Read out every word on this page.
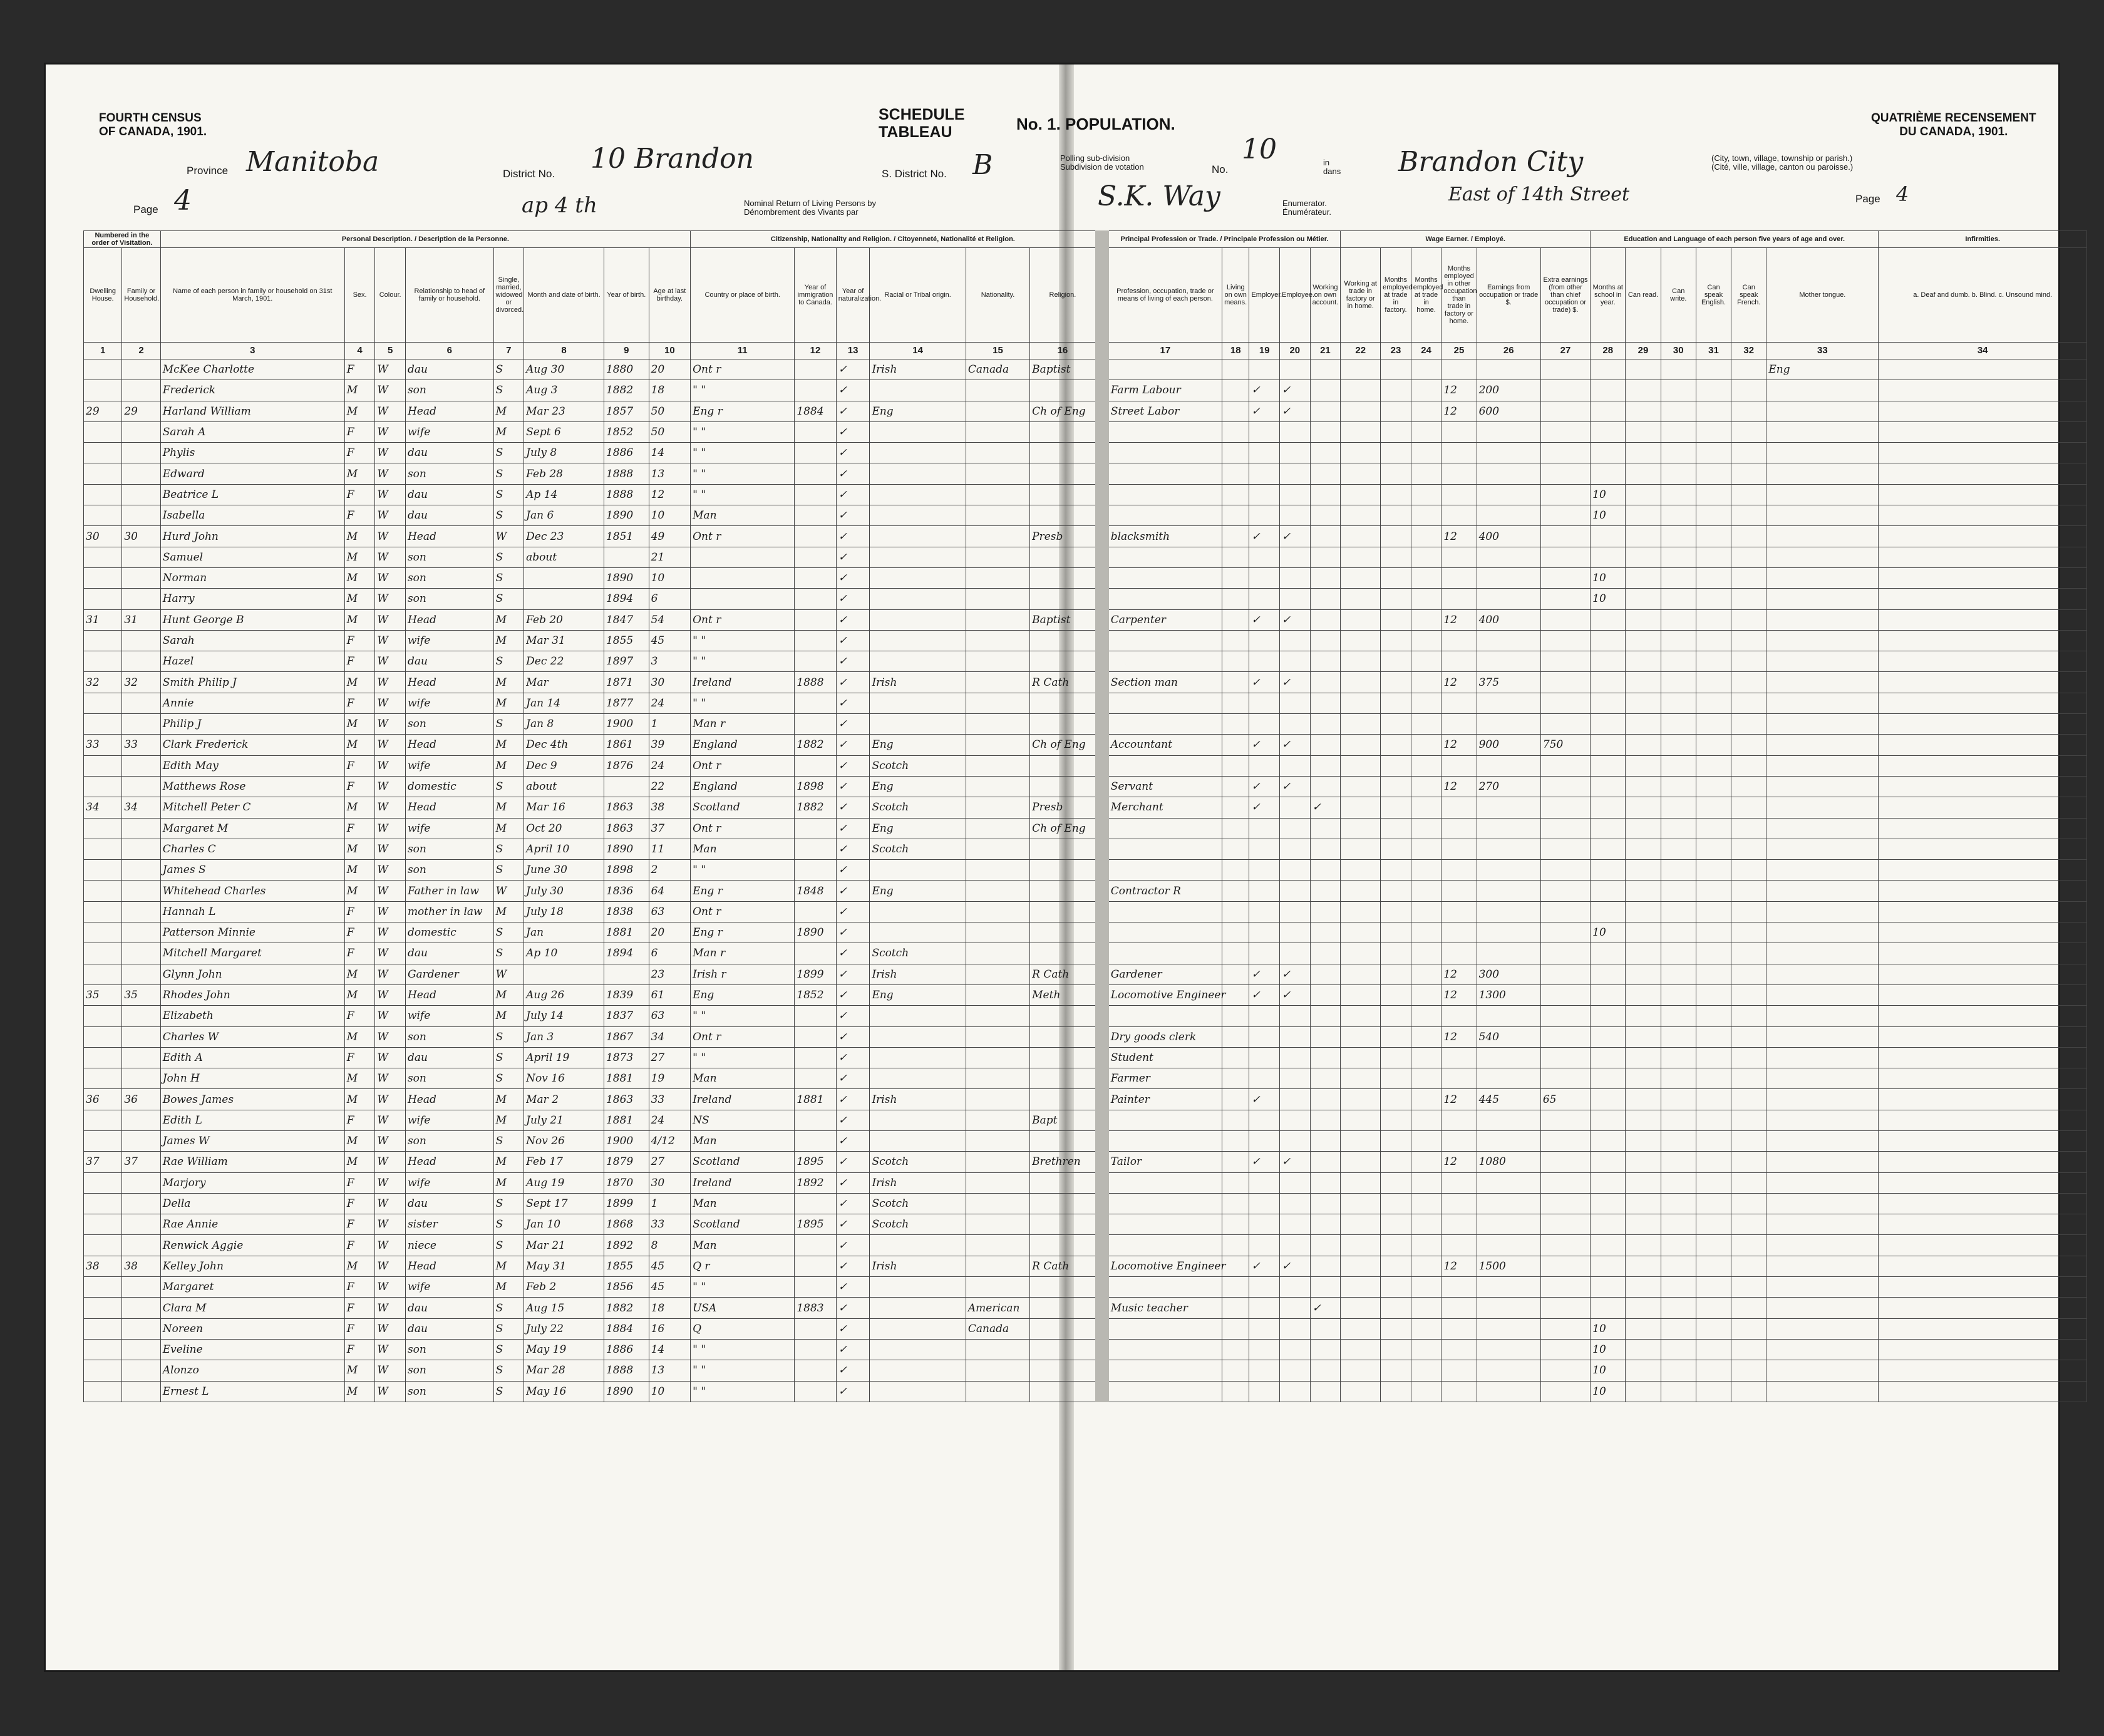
FOURTH CENSUS
OF CANADA, 1901.
QUATRIÈME RECENSEMENT
DU CANADA, 1901.
SCHEDULE
TABLEAU	No. 1. POPULATION.
Province Manitoba	District No. 10 Brandon	S. District No. B	Polling sub-division
Subdivision de votation	No.
10	in
dans Brandon City	(City, town, village, township or parish.)
(Cité, ville, village, canton ou paroisse.)
Page 4	ap 4 th	Nominal Return of Living Persons by
Dénombrement des Vivants par	S.K. Way	Enumerator.
Énumérateur.
East of 14th Street	Page 4
Numbered in the order of Visitation.		Personal Description. / Description de la Personne.								Citizenship, Nationality and Religion. / Citoyenneté, Nationalité et Religion.						Principal Profession or Trade. / Principale Profession ou Métier.					Wage Earner. / Employé.						Education and Language of each person five years of age and over.						Infirmities.
Dwelling House.	Family or Household.	Name of each person in family or household on 31st March, 1901.	Sex.	Colour.	Relationship to head of family or household.	Single, married, widowed or divorced.	Month and date of birth.	Year of birth.	Age at last birthday.	Country or place of birth.	Year of immigration to Canada.	Year of naturalization.	Racial or Tribal origin.	Nationality.	Religion.	Profession, occupation, trade or means of living of each person.	Living on own means.	Employer.	Employee.	Working on own account.	Working at trade in factory or in home.	Months employed at trade in factory.	Months employed at trade in home.	Months employed in other occupation than trade in factory or home.	Earnings from occupation or trade $.	Extra earnings (from other than chief occupation or trade) $.	Months at school in year.	Can read.	Can write.	Can speak English.	Can speak French.	Mother tongue.	a. Deaf and dumb. b. Blind. c. Unsound mind.
1	2	3	4	5	6	7	8	9	10	11	12	13	14	15	16	17	18	19	20	21	22	23	24	25	26	27	28	29	30	31	32	33	34
		McKee Charlotte	F	W	dau	S	Aug 30	1880	20	Ont r		✓	Irish	Canada	Baptist																	Eng	
		Frederick	M	W	son	S	Aug 3	1882	18	" "		✓				Farm Labour		✓	✓					12	200								
29	29	Harland William	M	W	Head	M	Mar 23	1857	50	Eng r	1884	✓	Eng		Ch of Eng	Street Labor		✓	✓					12	600								
		Sarah A	F	W	wife	M	Sept 6	1852	50	" "		✓																					
		Phylis	F	W	dau	S	July 8	1886	14	" "		✓																					
		Edward	M	W	son	S	Feb 28	1888	13	" "		✓																					
		Beatrice L	F	W	dau	S	Ap 14	1888	12	" "		✓															10						
		Isabella	F	W	dau	S	Jan 6	1890	10	Man		✓															10						
30	30	Hurd John	M	W	Head	W	Dec 23	1851	49	Ont r		✓			Presb	blacksmith		✓	✓					12	400								
		Samuel	M	W	son	S	about		21			✓																					
		Norman	M	W	son	S		1890	10			✓															10						
		Harry	M	W	son	S		1894	6			✓															10						
31	31	Hunt George B	M	W	Head	M	Feb 20	1847	54	Ont r		✓			Baptist	Carpenter		✓	✓					12	400								
		Sarah	F	W	wife	M	Mar 31	1855	45	" "		✓																					
		Hazel	F	W	dau	S	Dec 22	1897	3	" "		✓																					
32	32	Smith Philip J	M	W	Head	M	Mar	1871	30	Ireland	1888	✓	Irish		R Cath	Section man		✓	✓					12	375								
		Annie	F	W	wife	M	Jan 14	1877	24	" "		✓																					
		Philip J	M	W	son	S	Jan 8	1900	1	Man r		✓																					
33	33	Clark Frederick	M	W	Head	M	Dec 4th	1861	39	England	1882	✓	Eng		Ch of Eng	Accountant		✓	✓					12	900	750							
		Edith May	F	W	wife	M	Dec 9	1876	24	Ont r		✓	Scotch																				
		Matthews Rose	F	W	domestic	S	about		22	England	1898	✓	Eng			Servant		✓	✓					12	270								
34	34	Mitchell Peter C	M	W	Head	M	Mar 16	1863	38	Scotland	1882	✓	Scotch		Presb	Merchant		✓		✓													
		Margaret M	F	W	wife	M	Oct 20	1863	37	Ont r		✓	Eng		Ch of Eng																		
		Charles C	M	W	son	S	April 10	1890	11	Man		✓	Scotch																				
		James S	M	W	son	S	June 30	1898	2	" "		✓																					
		Whitehead Charles	M	W	Father in law	W	July 30	1836	64	Eng r	1848	✓	Eng			Contractor R																	
		Hannah L	F	W	mother in law	M	July 18	1838	63	Ont r		✓																					
		Patterson Minnie	F	W	domestic	S	Jan	1881	20	Eng r	1890	✓															10						
		Mitchell Margaret	F	W	dau	S	Ap 10	1894	6	Man r		✓	Scotch																				
		Glynn John	M	W	Gardener	W			23	Irish r	1899	✓	Irish		R Cath	Gardener		✓	✓					12	300								
35	35	Rhodes John	M	W	Head	M	Aug 26	1839	61	Eng	1852	✓	Eng		Meth	Locomotive Engineer		✓	✓					12	1300								
		Elizabeth	F	W	wife	M	July 14	1837	63	" "		✓																					
		Charles W	M	W	son	S	Jan 3	1867	34	Ont r		✓				Dry goods clerk								12	540								
		Edith A	F	W	dau	S	April 19	1873	27	" "		✓				Student																	
		John H	M	W	son	S	Nov 16	1881	19	Man		✓				Farmer																	
36	36	Bowes James	M	W	Head	M	Mar 2	1863	33	Ireland	1881	✓	Irish			Painter		✓						12	445	65							
		Edith L	F	W	wife	M	July 21	1881	24	NS		✓			Bapt																		
		James W	M	W	son	S	Nov 26	1900	4/12	Man		✓																					
37	37	Rae William	M	W	Head	M	Feb 17	1879	27	Scotland	1895	✓	Scotch		Brethren	Tailor		✓	✓					12	1080								
		Marjory	F	W	wife	M	Aug 19	1870	30	Ireland	1892	✓	Irish																				
		Della	F	W	dau	S	Sept 17	1899	1	Man		✓	Scotch																				
		Rae Annie	F	W	sister	S	Jan 10	1868	33	Scotland	1895	✓	Scotch																				
		Renwick Aggie	F	W	niece	S	Mar 21	1892	8	Man		✓																					
38	38	Kelley John	M	W	Head	M	May 31	1855	45	Q r		✓	Irish		R Cath	Locomotive Engineer		✓	✓					12	1500								
		Margaret	F	W	wife	M	Feb 2	1856	45	" "		✓																					
		Clara M	F	W	dau	S	Aug 15	1882	18	USA	1883	✓		American		Music teacher				✓													
		Noreen	F	W	dau	S	July 22	1884	16	Q		✓		Canada													10						
		Eveline	F	W	son	S	May 19	1886	14	" "		✓															10						
		Alonzo	M	W	son	S	Mar 28	1888	13	" "		✓															10						
		Ernest L	M	W	son	S	May 16	1890	10	" "		✓															10						
